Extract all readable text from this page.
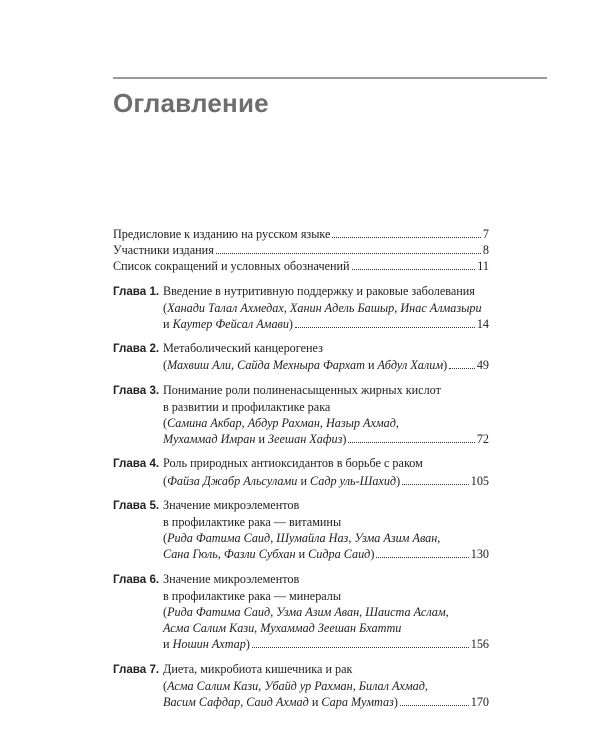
Оглавление
Предисловие к изданию на русском языке	7
Участники издания	8
Список сокращений и условных обозначений	11
Глава 1. Введение в нутритивную поддержку и раковые заболевания
(Ханади Талал Ахмедах, Ханин Адель Башыр, Инас Алмазыри
и Каутер Фейсал Амави)	14
Глава 2. Метаболический канцерогенез
(Махвиш Али, Сайда Мехныра Фархат и Абдул Халим) 49
Глава 3. Понимание роли полиненасыщенных жирных кислот
в развитии и профилактике рака
(Самина Акбар, Абдур Рахман, Назыр Ахмад,
Мухаммад Имран и Зеешан Хафиз)	72
Глава 4. Роль природных антиоксидантов в борьбе с раком
(Файза Джабр Альсулами и Садр уль-Шахид)	105
Глава 5. Значение микроэлементов
в профилактике рака — витамины
(Рида Фатима Саид, Шумайла Наз, Узма Азим Аван,
Сана Гюль, Фазли Субхан и Сидра Саид)	130
Глава 6. Значение микроэлементов
в профилактике рака — минералы
(Рида Фатима Саид, Узма Азим Аван, Шаиста Аслам,
Асма Салим Кази, Мухаммад Зеешан Бхатти
и Ношин Ахтар)	156
Глава 7. Диета, микробиота кишечника и рак
(Асма Салим Кази, Убайд ур Рахман, Билал Ахмад,
Васим Сафдар, Саид Ахмад и Сара Мумтаз)	170
